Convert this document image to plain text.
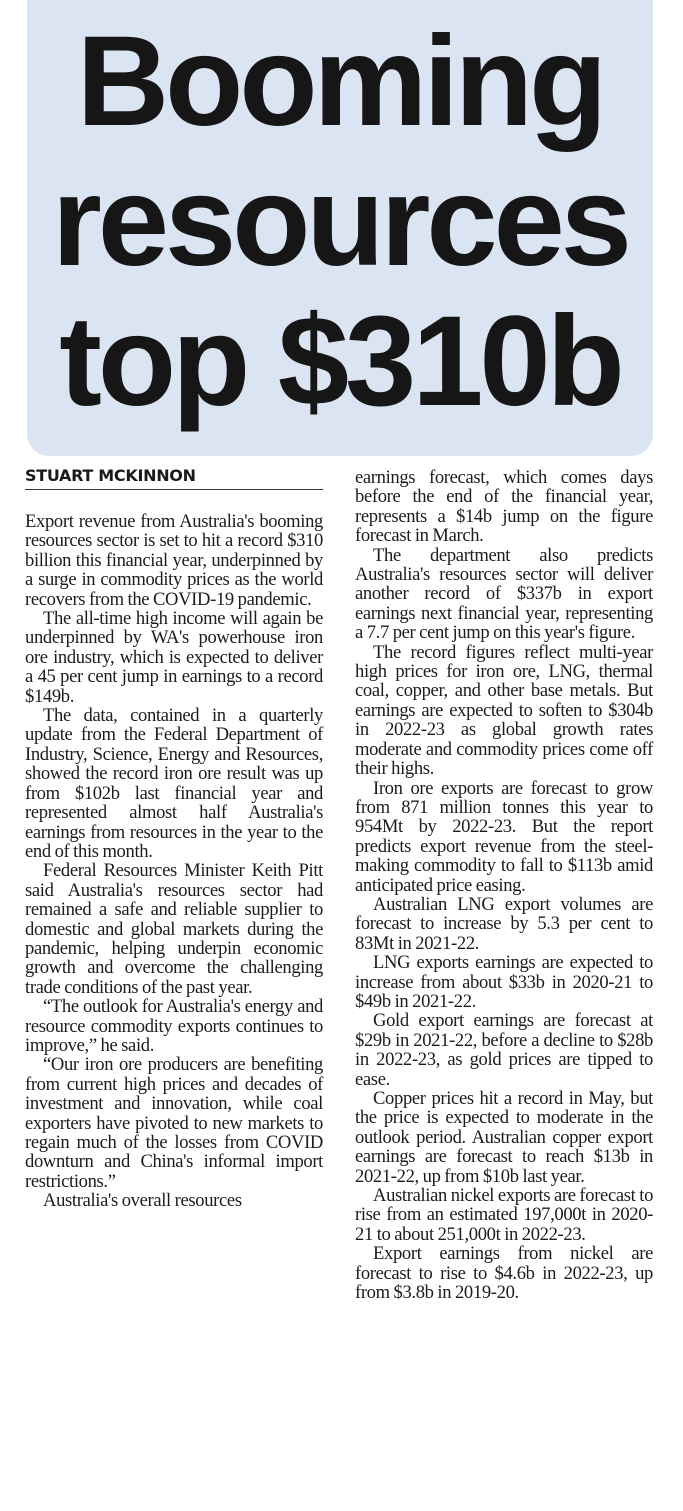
Booming
resources
top $310b
STUART MCKINNON

Export revenue from Australia's booming resources sector is set to hit a record $310 billion this financial year, underpinned by a surge in commodity prices as the world recovers from the COVID-19 pandemic.

The all-time high income will again be underpinned by WA's powerhouse iron ore industry, which is expected to deliver a 45 per cent jump in earnings to a record $149b.

The data, contained in a quarterly update from the Federal Department of Industry, Science, Energy and Resources, showed the record iron ore result was up from $102b last financial year and represented almost half Australia's earnings from resources in the year to the end of this month.

Federal Resources Minister Keith Pitt said Australia's resources sector had remained a safe and reliable supplier to domestic and global markets during the pandemic, helping underpin economic growth and overcome the challenging trade conditions of the past year.

“The outlook for Australia's energy and resource commodity exports continues to improve,” he said.

“Our iron ore producers are benefiting from current high prices and decades of investment and innovation, while coal exporters have pivoted to new markets to regain much of the losses from COVID downturn and China's informal import restrictions.”

Australia's overall resources

earnings forecast, which comes days before the end of the financial year, represents a $14b jump on the figure forecast in March.

The department also predicts Australia's resources sector will deliver another record of $337b in export earnings next financial year, representing a 7.7 per cent jump on this year's figure.

The record figures reflect multi-year high prices for iron ore, LNG, thermal coal, copper, and other base metals. But earnings are expected to soften to $304b in 2022-23 as global growth rates moderate and commodity prices come off their highs.

Iron ore exports are forecast to grow from 871 million tonnes this year to 954Mt by 2022-23. But the report predicts export revenue from the steel-making commodity to fall to $113b amid anticipated price easing.

Australian LNG export volumes are forecast to increase by 5.3 per cent to 83Mt in 2021-22.

LNG exports earnings are expected to increase from about $33b in 2020-21 to $49b in 2021-22.

Gold export earnings are forecast at $29b in 2021-22, before a decline to $28b in 2022-23, as gold prices are tipped to ease.

Copper prices hit a record in May, but the price is expected to moderate in the outlook period. Australian copper export earnings are forecast to reach $13b in 2021-22, up from $10b last year.

Australian nickel exports are forecast to rise from an estimated 197,000t in 2020-21 to about 251,000t in 2022-23.

Export earnings from nickel are forecast to rise to $4.6b in 2022-23, up from $3.8b in 2019-20.
